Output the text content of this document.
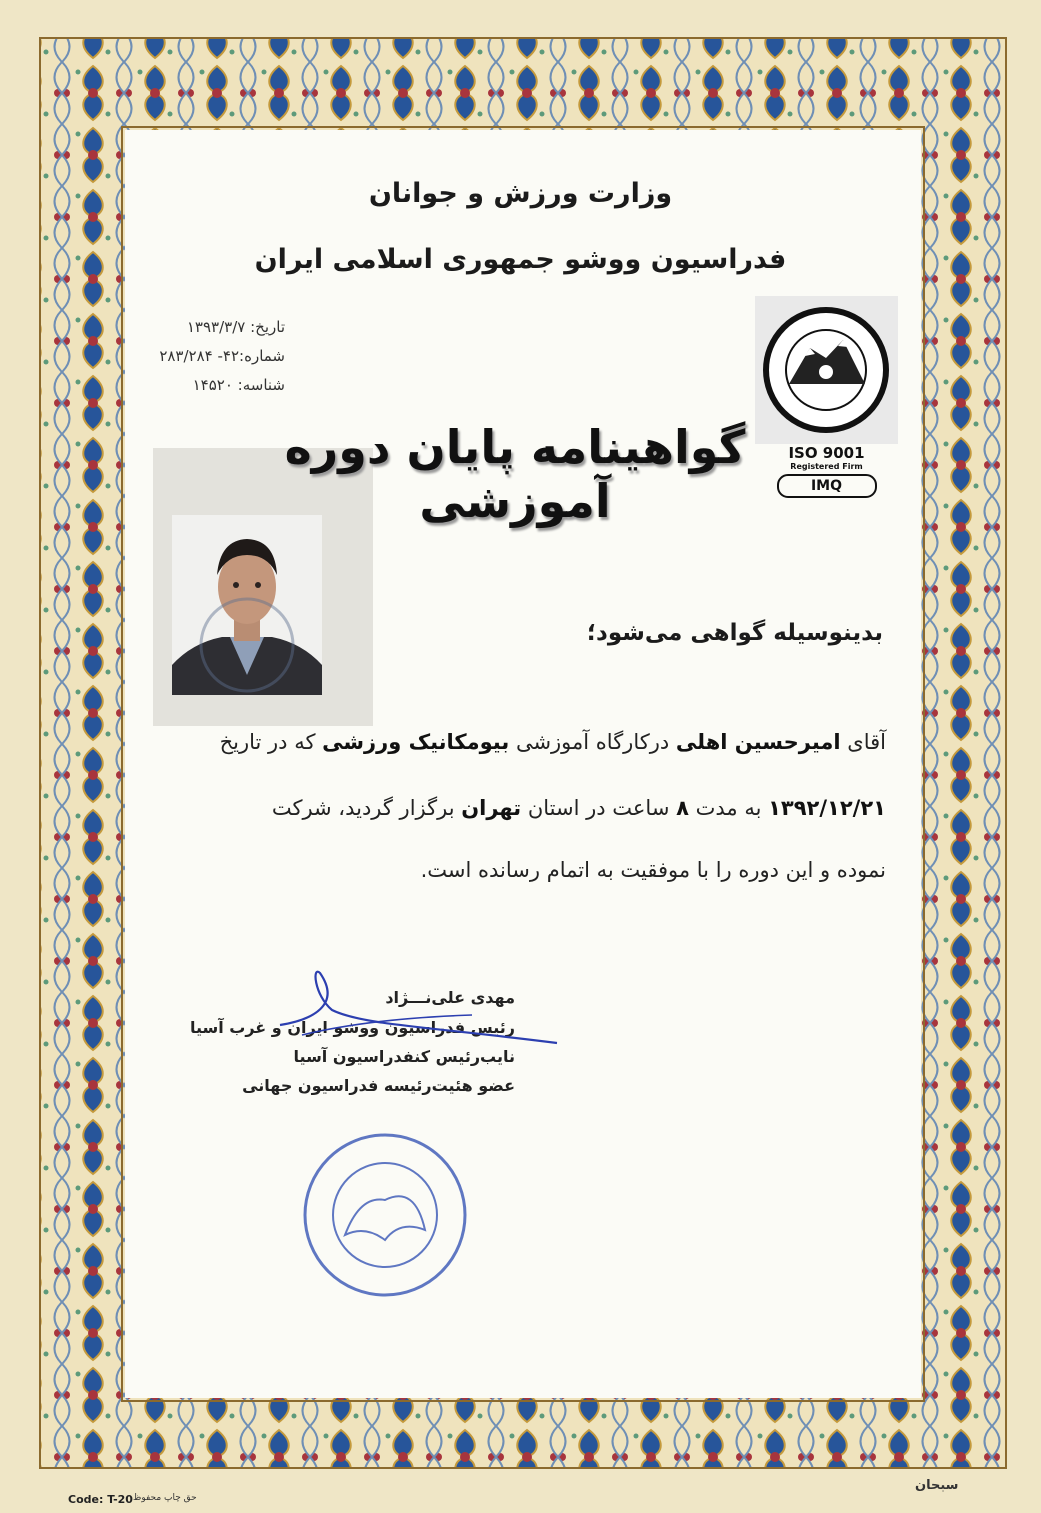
وزارت ورزش و جوانان
فدراسیون ووشو جمهوری اسلامی ایران
تاریخ: ۱۳۹۳/۳/۷
شماره:۴۲- ۲۸۳/۲۸۴
شناسه: ۱۴۵۲۰
ISO 9001
Registered Firm
IMQ
گواهینامه پایان دوره آموزشی
بدینوسیله گواهی می‌شود؛
آقای امیرحسین اهلی درکارگاه آموزشی بیومکانیک ورزشی که در تاریخ
۱۳۹۲/۱۲/۲۱ به مدت ۸ ساعت در استان تهران برگزار گردید، شرکت
نموده و این دوره را با موفقیت به اتمام رسانده است.
مهدی علی‌نـــژاد
رئیس فدراسیون ووشو ایران و غرب آسیا
نایب‌رئیس کنفدراسیون آسیا
عضو هئیت‌رئیسه فدراسیون جهانی
Code: T-20 حق چاپ محفوظ
سبحان
